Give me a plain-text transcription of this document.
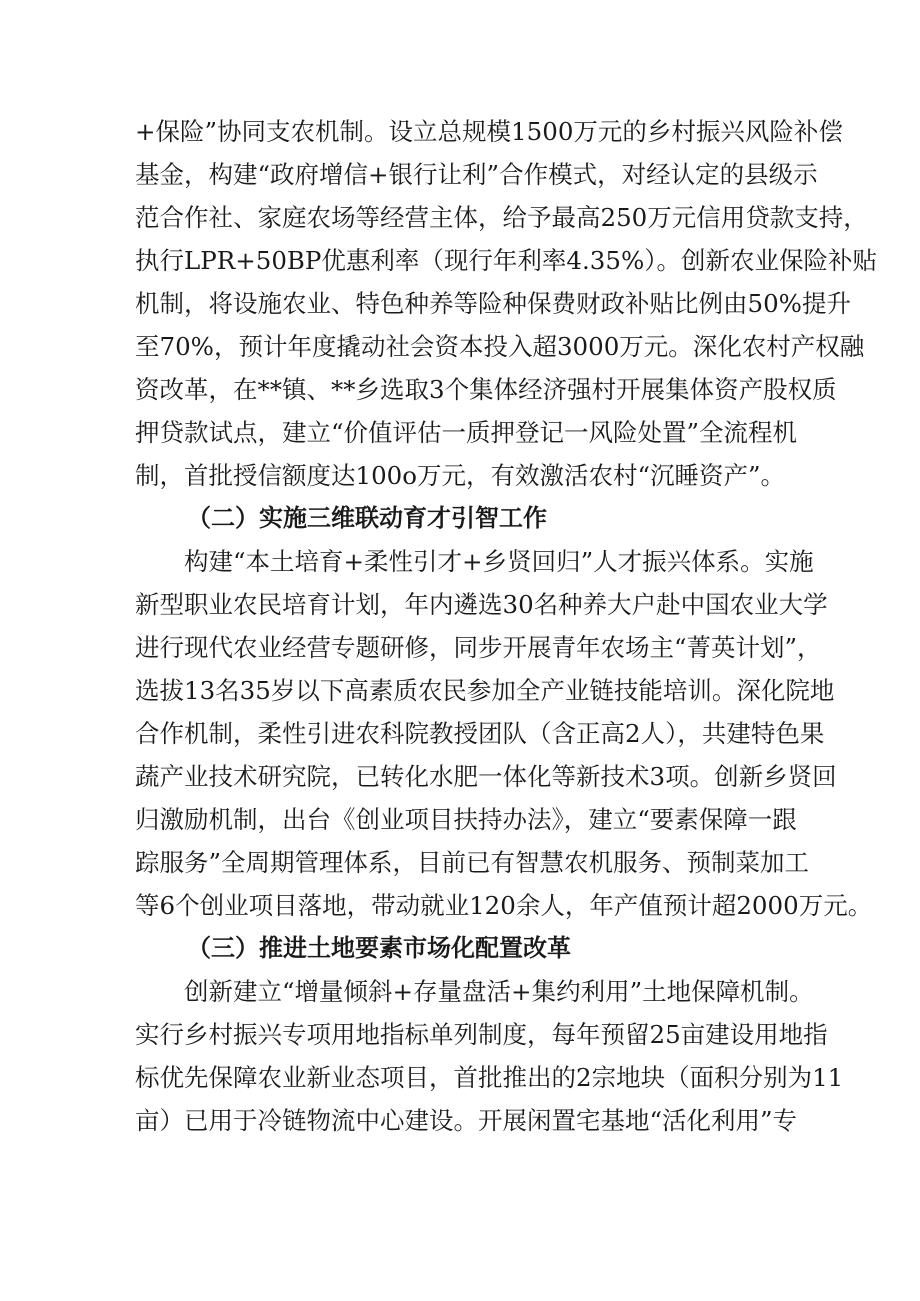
+保险”协同支农机制。设立总规模1500万元的乡村振兴风险补偿
基金，构建“政府增信+银行让利”合作模式，对经认定的县级示
范合作社、家庭农场等经营主体，给予最高250万元信用贷款支持，
执行LPR+50BP优惠利率（现行年利率4.35%）。创新农业保险补贴
机制，将设施农业、特色种养等险种保费财政补贴比例由50%提升
至70%，预计年度撬动社会资本投入超3000万元。深化农村产权融
资改革，在**镇、**乡选取3个集体经济强村开展集体资产股权质
押贷款试点，建立“价值评估一质押登记一风险处置”全流程机
制，首批授信额度达100o万元，有效激活农村“沉睡资产”。
（二）实施三维联动育才引智工作
构建“本土培育+柔性引才+乡贤回归”人才振兴体系。实施
新型职业农民培育计划，年内遴选30名种养大户赴中国农业大学
进行现代农业经营专题研修，同步开展青年农场主“菁英计划”，
选拔13名35岁以下高素质农民参加全产业链技能培训。深化院地
合作机制，柔性引进农科院教授团队（含正高2人），共建特色果
蔬产业技术研究院，已转化水肥一体化等新技术3项。创新乡贤回
归激励机制，出台《创业项目扶持办法》，建立“要素保障一跟
踪服务”全周期管理体系，目前已有智慧农机服务、预制菜加工
等6个创业项目落地，带动就业120余人，年产值预计超2000万元。
（三）推进土地要素市场化配置改革
创新建立“增量倾斜+存量盘活+集约利用”土地保障机制。
实行乡村振兴专项用地指标单列制度，每年预留25亩建设用地指
标优先保障农业新业态项目，首批推出的2宗地块（面积分别为11
亩）已用于冷链物流中心建设。开展闲置宅基地“活化利用”专
